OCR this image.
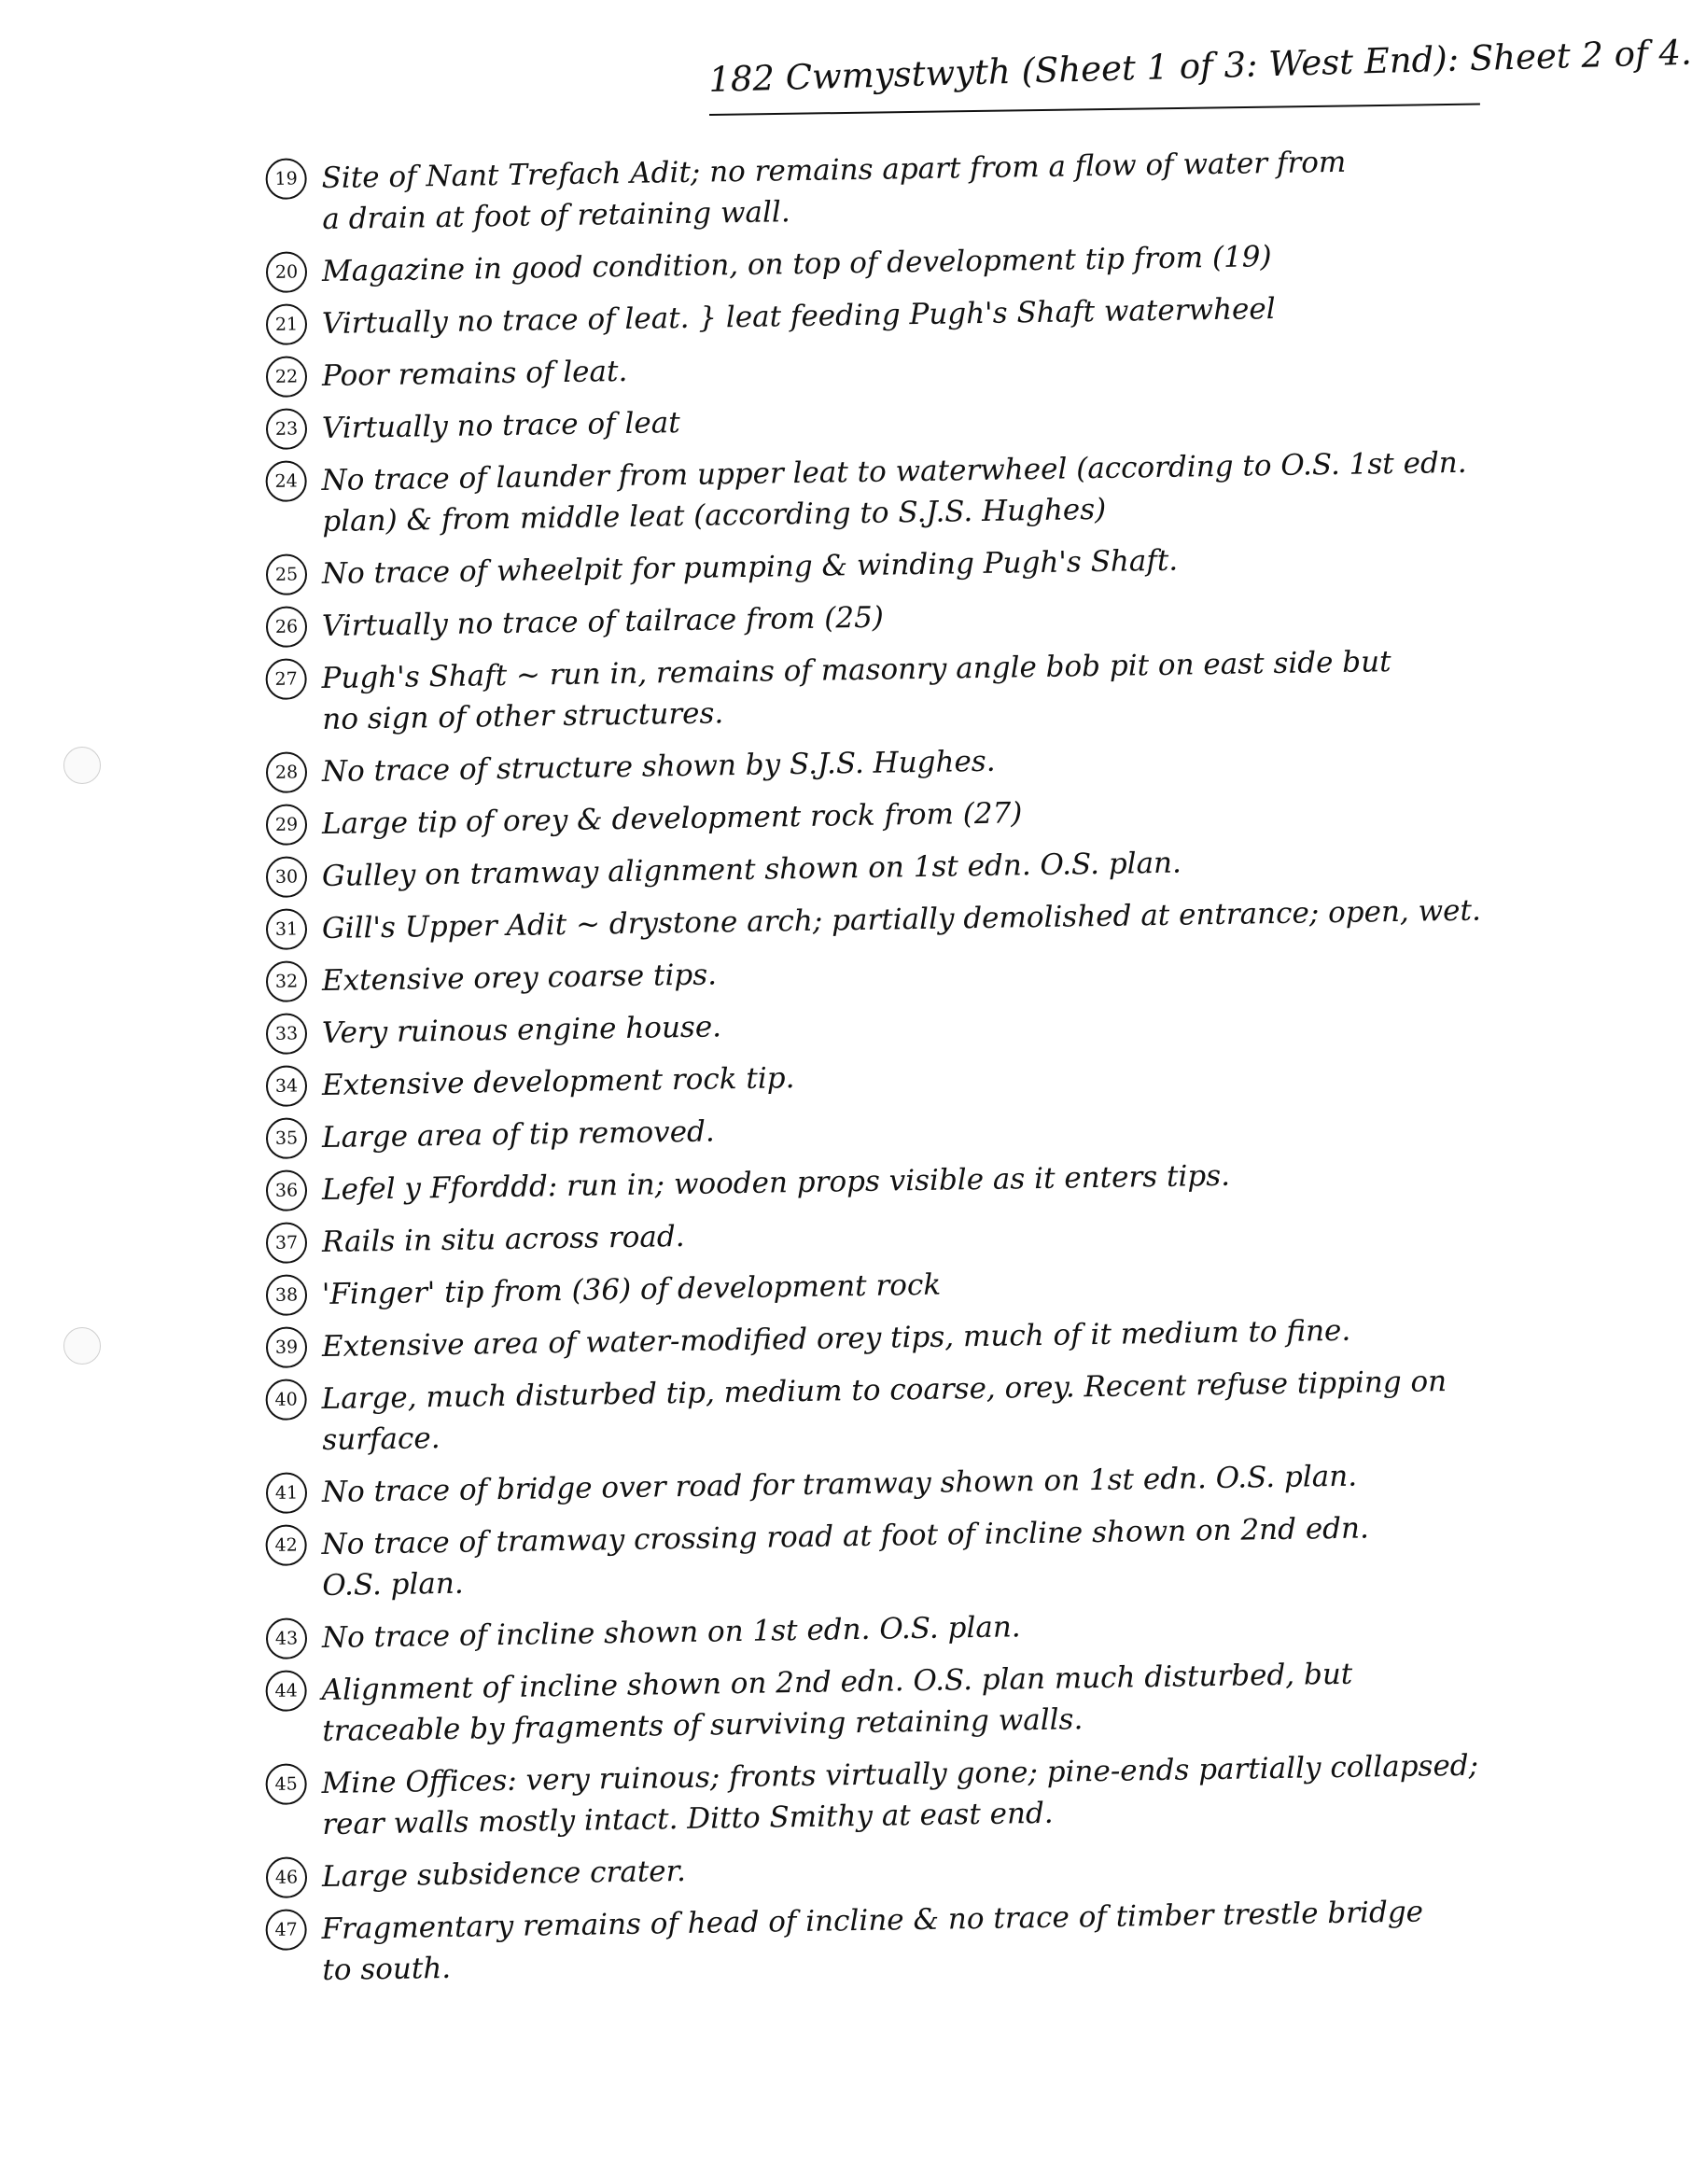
182 Cwmystwyth (Sheet 1 of 3: West End): Sheet 2 of 4.
19 Site of Nant Trefach Adit; no remains apart from a flow of water from
a drain at foot of retaining wall.
20 Magazine in good condition, on top of development tip from (19)
21 Virtually no trace of leat. } leat feeding Pugh's Shaft waterwheel
22 Poor remains of leat.
23 Virtually no trace of leat
24 No trace of launder from upper leat to waterwheel (according to O.S. 1st edn.
plan) & from middle leat (according to S.J.S. Hughes)
25 No trace of wheelpit for pumping & winding Pugh's Shaft.
26 Virtually no trace of tailrace from (25)
27 Pugh's Shaft ~ run in, remains of masonry angle bob pit on east side but
no sign of other structures.
28 No trace of structure shown by S.J.S. Hughes.
29 Large tip of orey & development rock from (27)
30 Gulley on tramway alignment shown on 1st edn. O.S. plan.
31 Gill's Upper Adit ~ drystone arch; partially demolished at entrance; open, wet.
32 Extensive orey coarse tips.
33 Very ruinous engine house.
34 Extensive development rock tip.
35 Large area of tip removed.
36 Lefel y Fforddd: run in; wooden props visible as it enters tips.
37 Rails in situ across road.
38 'Finger' tip from (36) of development rock
39 Extensive area of water-modified orey tips, much of it medium to fine.
40 Large, much disturbed tip, medium to coarse, orey. Recent refuse tipping on surface.
41 No trace of bridge over road for tramway shown on 1st edn. O.S. plan.
42 No trace of tramway crossing road at foot of incline shown on 2nd edn.
O.S. plan.
43 No trace of incline shown on 1st edn. O.S. plan.
44 Alignment of incline shown on 2nd edn. O.S. plan much disturbed, but
traceable by fragments of surviving retaining walls.
45 Mine Offices: very ruinous; fronts virtually gone; pine-ends partially collapsed;
rear walls mostly intact. Ditto Smithy at east end.
46 Large subsidence crater.
47 Fragmentary remains of head of incline & no trace of timber trestle bridge
to south.
